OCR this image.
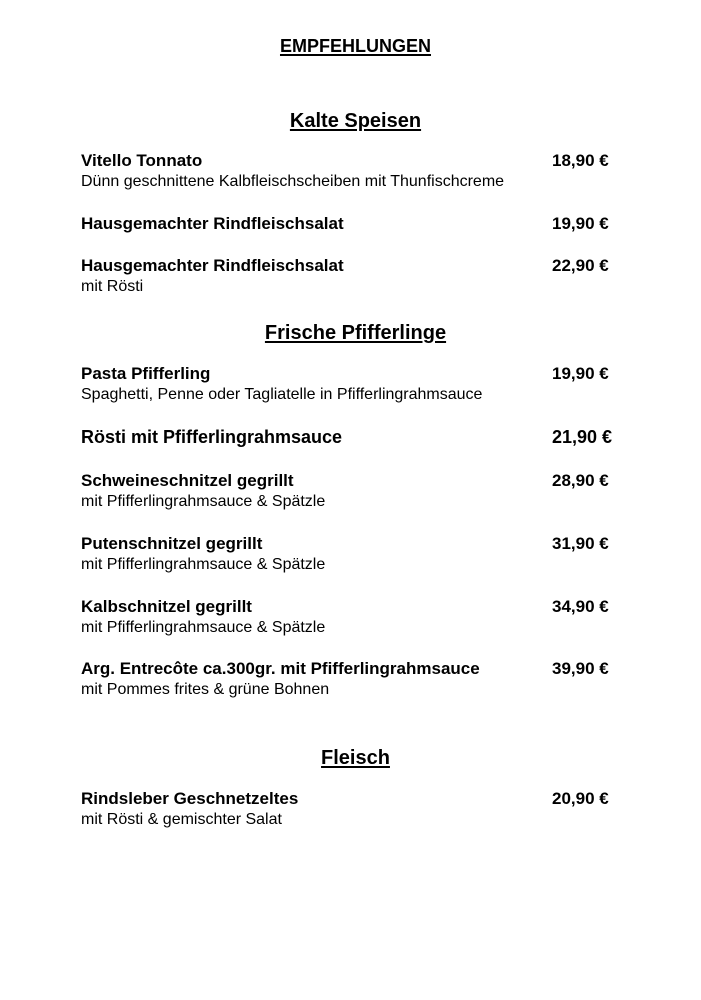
EMPFEHLUNGEN
Kalte Speisen
Vitello Tonnato	18,90 €
Dünn geschnittene Kalbfleischscheiben mit Thunfischcreme
Hausgemachter Rindfleischsalat	19,90 €
Hausgemachter Rindfleischsalat	22,90 €
mit Rösti
Frische Pfifferlinge
Pasta Pfifferling	19,90 €
Spaghetti, Penne oder Tagliatelle in Pfifferlingrahmsauce
Rösti mit Pfifferlingrahmsauce	21,90 €
Schweineschnitzel gegrillt	28,90 €
mit Pfifferlingrahmsauce & Spätzle
Putenschnitzel gegrillt	31,90 €
mit Pfifferlingrahmsauce & Spätzle
Kalbschnitzel gegrillt	34,90 €
mit Pfifferlingrahmsauce & Spätzle
Arg. Entrecôte ca.300gr. mit Pfifferlingrahmsauce	39,90 €
mit Pommes frites & grüne Bohnen
Fleisch
Rindsleber Geschnetzeltes	20,90 €
mit Rösti & gemischter Salat
